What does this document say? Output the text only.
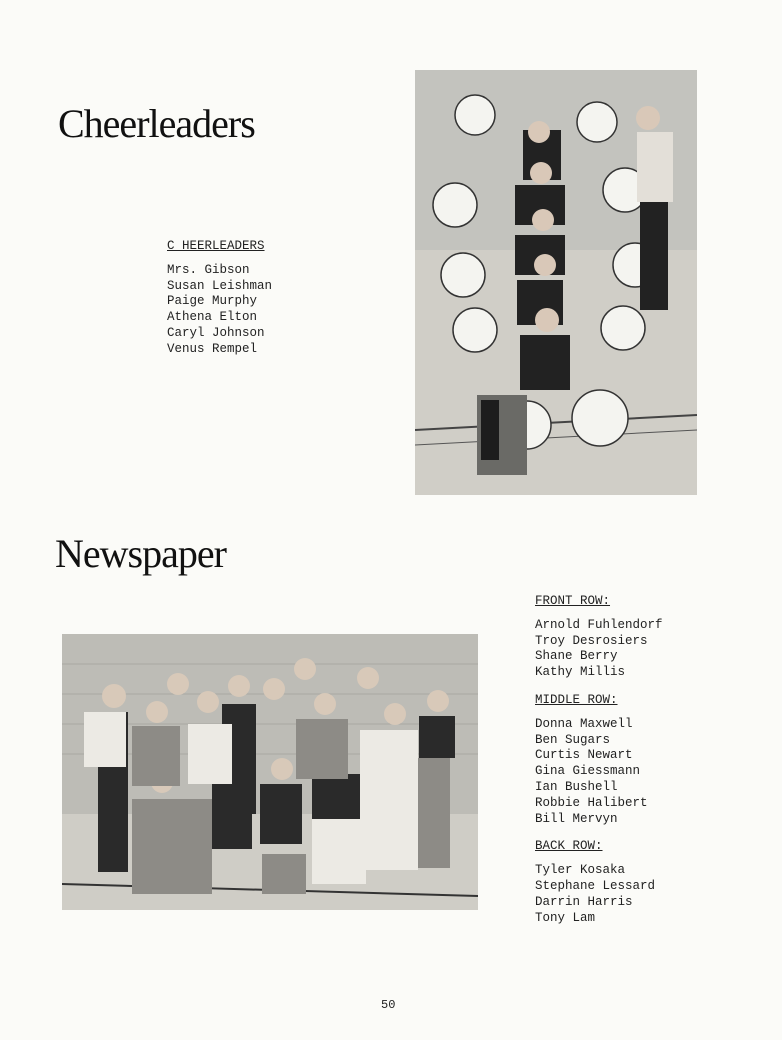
Cheerleaders
C HEERLEADERS
Mrs. Gibson
Susan Leishman
Paige Murphy
Athena Elton
Caryl Johnson
Venus Rempel
Newspaper
FRONT ROW:
Arnold Fuhlendorf
Troy Desrosiers
Shane Berry
Kathy Millis
MIDDLE ROW:
Donna Maxwell
Ben Sugars
Curtis Newart
Gina Giessmann
Ian Bushell
Robbie Halibert
Bill Mervyn
BACK ROW:
Tyler Kosaka
Stephane Lessard
Darrin Harris
Tony Lam
50
